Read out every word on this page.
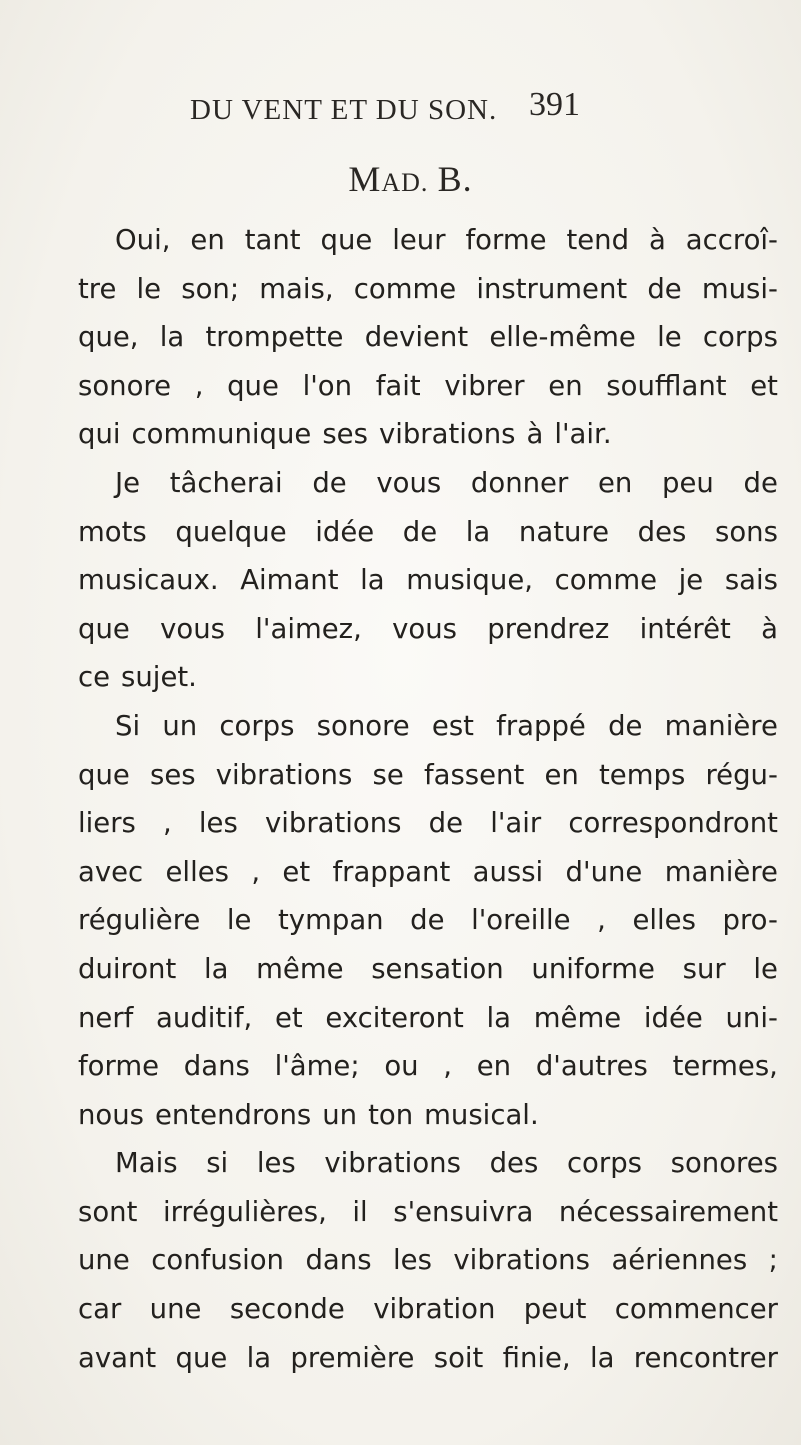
DU VENT ET DU SON. 391
MAD. B.
Oui, en tant que leur forme tend à accroî-
tre le son; mais, comme instrument de musi-
que, la trompette devient elle-même le corps
sonore , que l'on fait vibrer en soufflant et
qui communique ses vibrations à l'air.
Je tâcherai de vous donner en peu de
mots quelque idée de la nature des sons
musicaux. Aimant la musique, comme je sais
que vous l'aimez, vous prendrez intérêt à
ce sujet.
Si un corps sonore est frappé de manière
que ses vibrations se fassent en temps régu-
liers , les vibrations de l'air correspondront
avec elles , et frappant aussi d'une manière
régulière le tympan de l'oreille , elles pro-
duiront la même sensation uniforme sur le
nerf auditif, et exciteront la même idée uni-
forme dans l'âme; ou , en d'autres termes,
nous entendrons un ton musical.
Mais si les vibrations des corps sonores
sont irrégulières, il s'ensuivra nécessairement
une confusion dans les vibrations aériennes ;
car une seconde vibration peut commencer
avant que la première soit finie, la rencontrer
